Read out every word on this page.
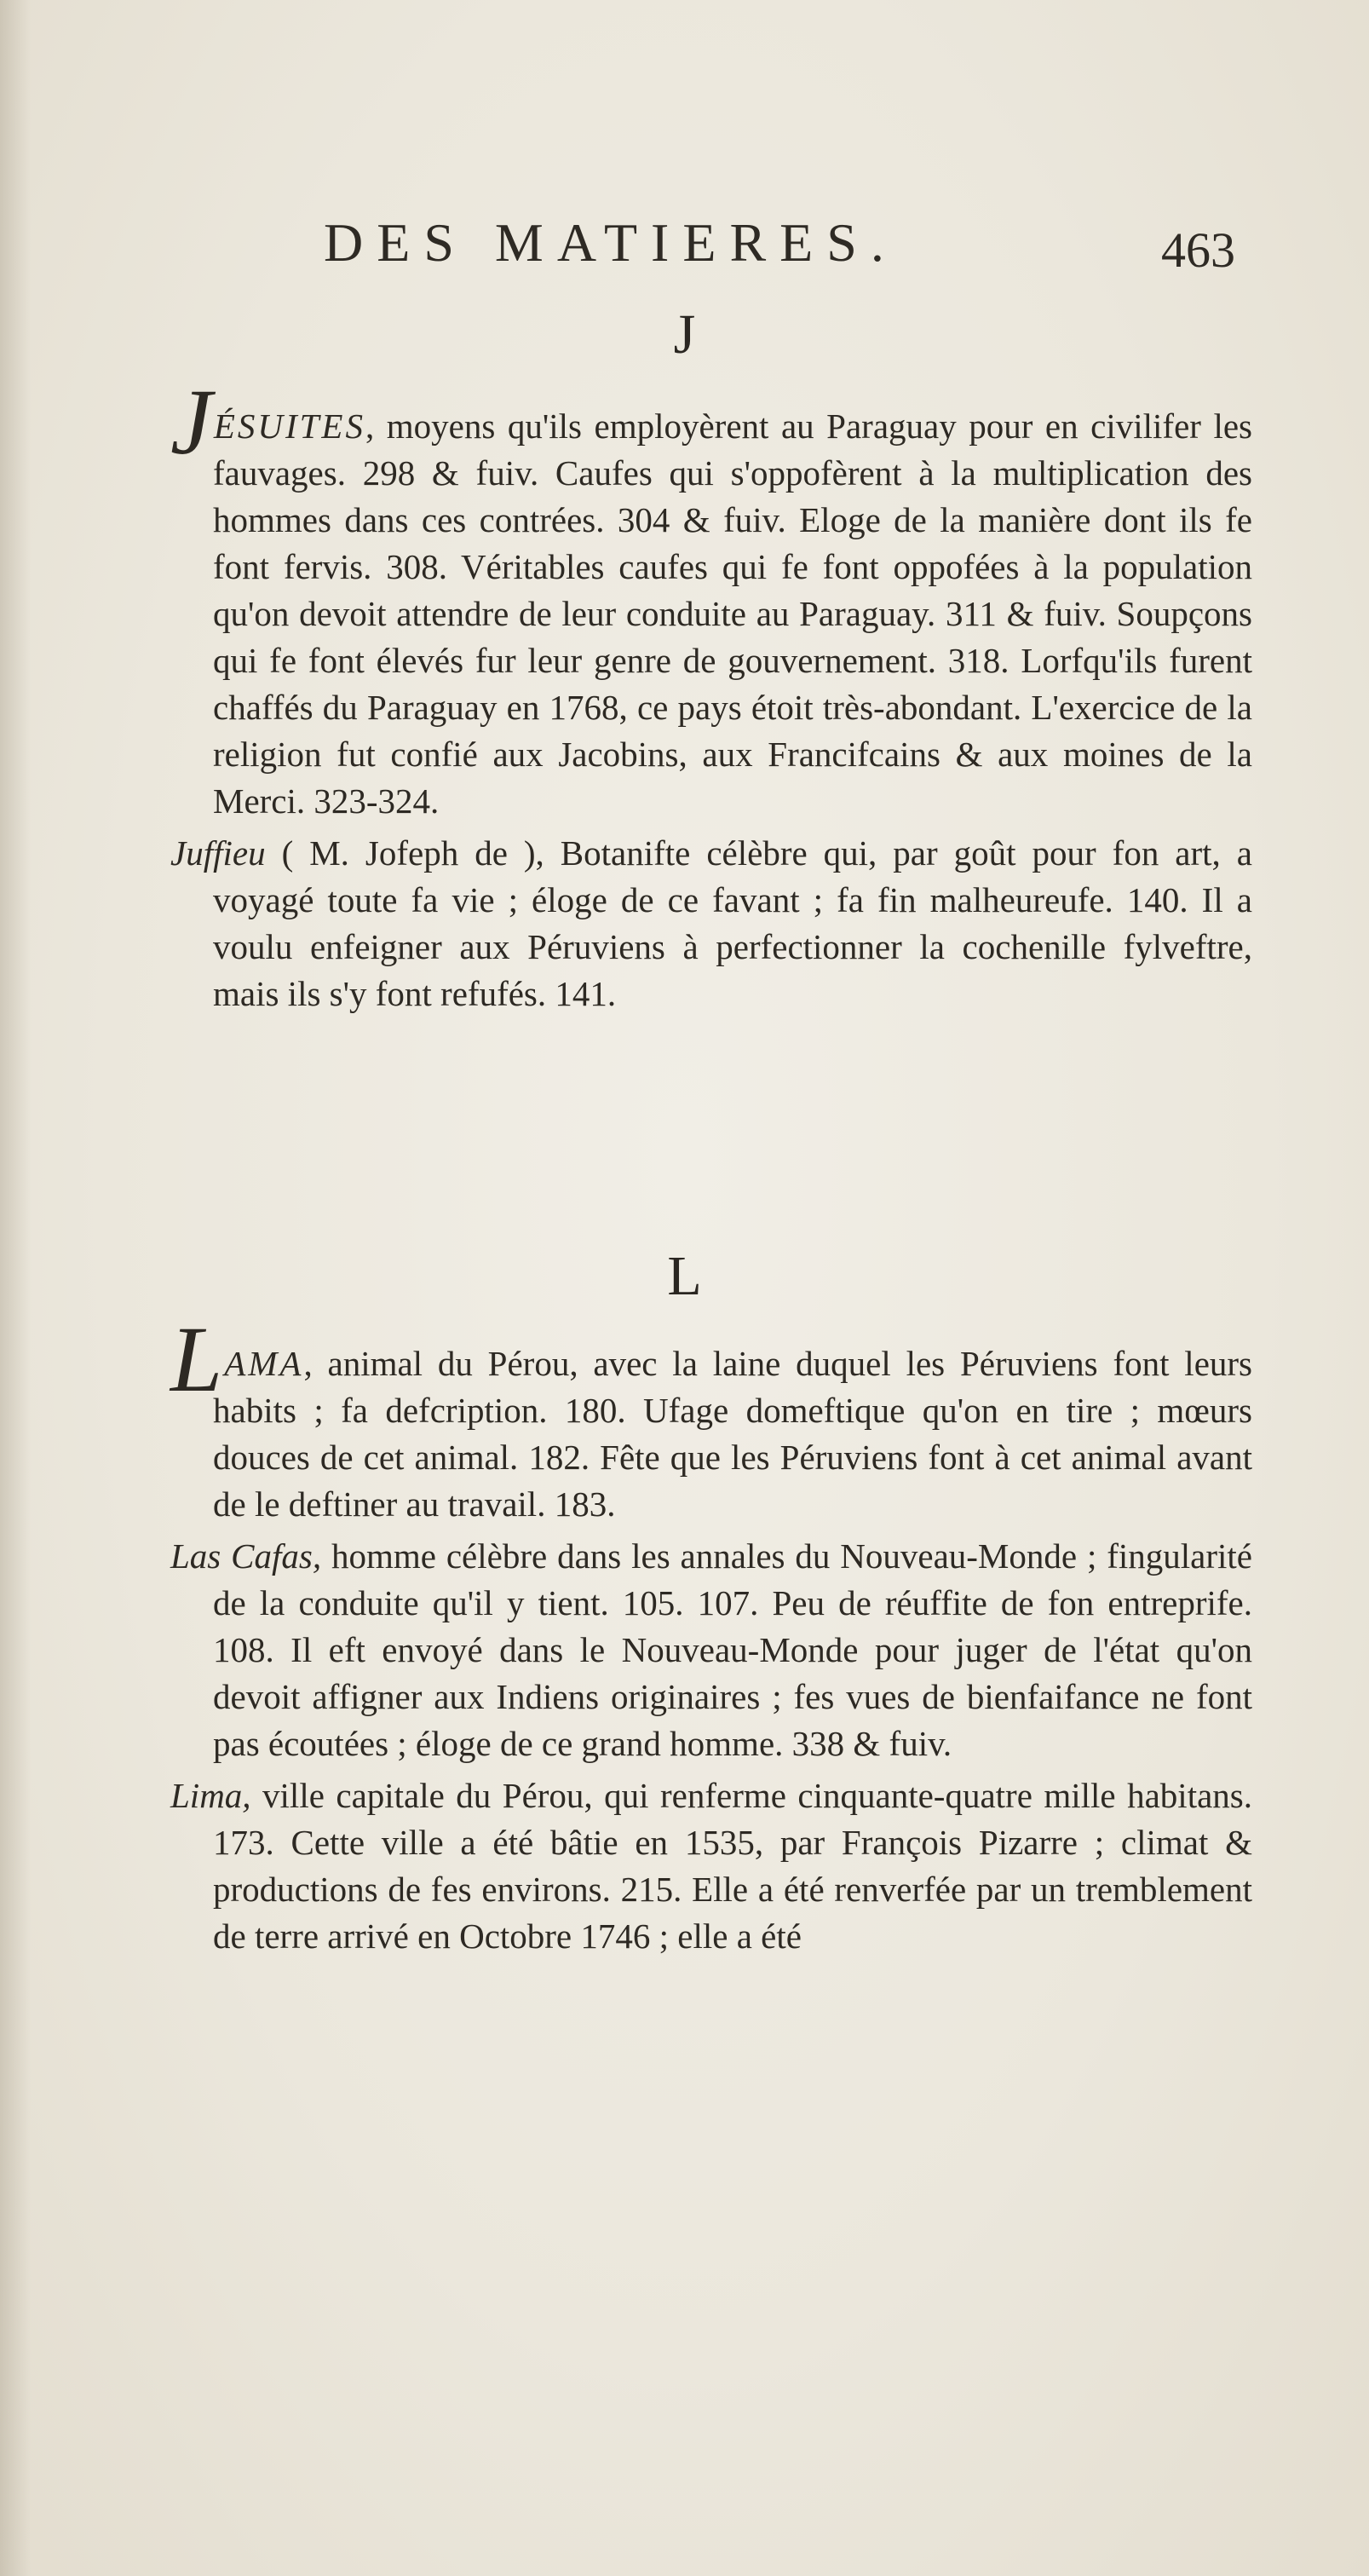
DES MATIERES.	463
J

JÉSUITES, moyens qu'ils employèrent au Paraguay pour en civilifer les fauvages. 298 & fuiv. Caufes qui s'oppofèrent à la multiplication des hommes dans ces contrées. 304 & fuiv. Eloge de la manière dont ils fe font fervis. 308. Véritables caufes qui fe font oppofées à la population qu'on devoit attendre de leur conduite au Paraguay. 311 & fuiv. Soupçons qui fe font élevés fur leur genre de gouvernement. 318. Lorfqu'ils furent chaffés du Paraguay en 1768, ce pays étoit très-abondant. L'exercice de la religion fut confié aux Jacobins, aux Francifcains & aux moines de la Merci. 323-324.

Juffieu ( M. Jofeph de ), Botanifte célèbre qui, par goût pour fon art, a voyagé toute fa vie ; éloge de ce favant ; fa fin malheureufe. 140. Il a voulu enfeigner aux Péruviens à perfectionner la cochenille fylveftre, mais ils s'y font refufés. 141.

L

LAMA, animal du Pérou, avec la laine duquel les Péruviens font leurs habits ; fa defcription. 180. Ufage domeftique qu'on en tire ; mœurs douces de cet animal. 182. Fête que les Péruviens font à cet animal avant de le deftiner au travail. 183.

Las Cafas, homme célèbre dans les annales du Nouveau-Monde ; fingularité de la conduite qu'il y tient. 105. 107. Peu de réuffite de fon entreprife. 108. Il eft envoyé dans le Nouveau-Monde pour juger de l'état qu'on devoit affigner aux Indiens originaires ; fes vues de bienfaifance ne font pas écoutées ; éloge de ce grand homme. 338 & fuiv.

Lima, ville capitale du Pérou, qui renferme cinquante-quatre mille habitans. 173. Cette ville a été bâtie en 1535, par François Pizarre ; climat & productions de fes environs. 215. Elle a été renverfée par un tremblement de terre arrivé en Octobre 1746 ; elle a été
